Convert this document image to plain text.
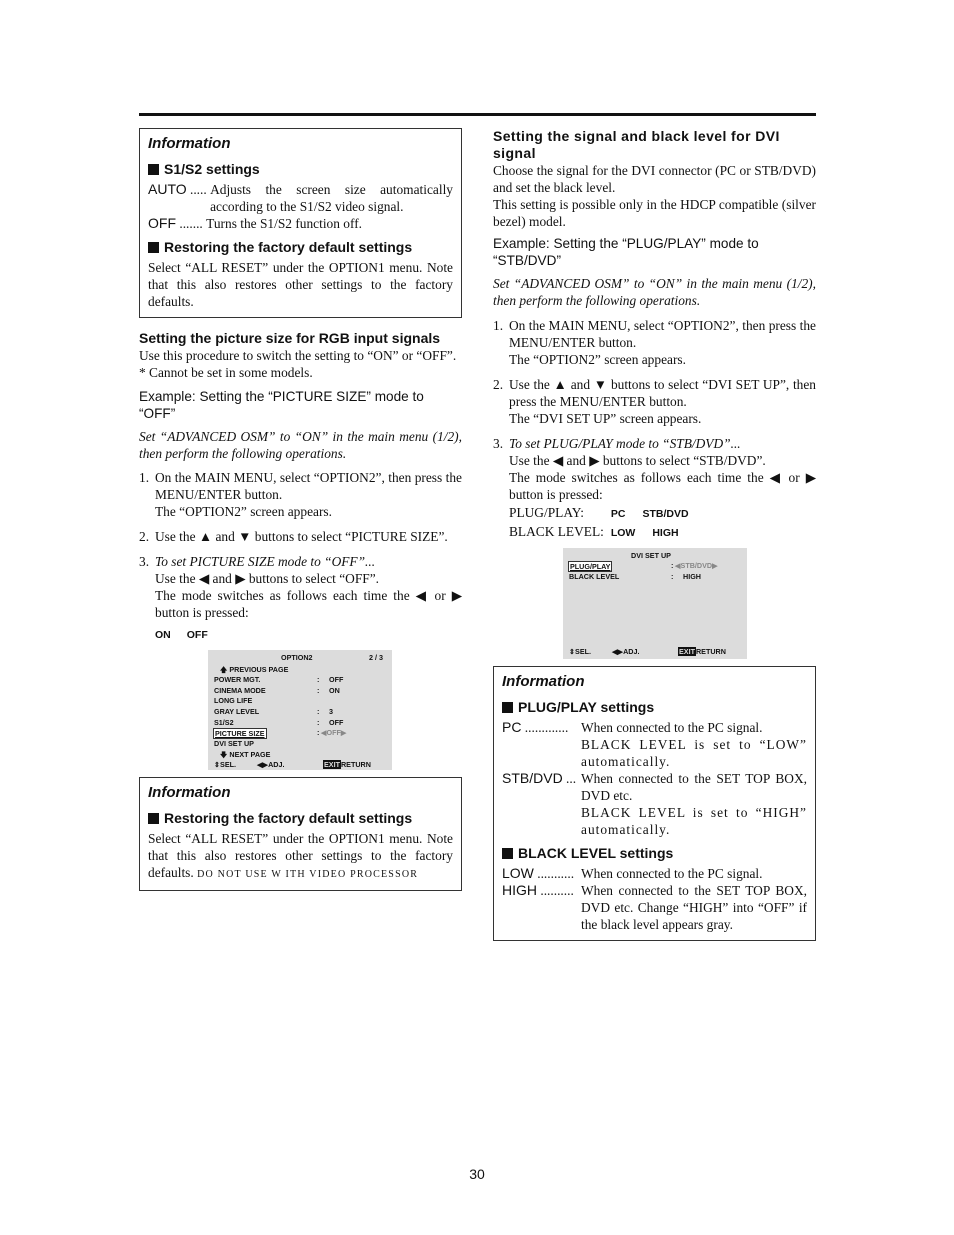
Information
S1/S2 settings
AUTO ..... Adjusts the screen size automatically according to the S1/S2 video signal.
OFF ....... Turns the S1/S2 function off.
Restoring the factory default settings

Select “ALL RESET” under the OPTION1 menu. Note that this also restores other settings to the factory defaults.

Setting the picture size for RGB input signals

Use this procedure to switch the setting to “ON” or “OFF”.

* Cannot be set in some models.

Example: Setting the “PICTURE SIZE” mode to “OFF”

Set “ADVANCED OSM” to “ON” in the main menu (1/2), then perform the following operations.

1. On the MAIN MENU, select “OPTION2”, then press the MENU/ENTER button.
The “OPTION2” screen appears.
2. Use the ▲ and ▼ buttons to select “PICTURE SIZE”.
3. To set PICTURE SIZE mode to “OFF”...
Use the ◀ and ▶ buttons to select “OFF”.
The mode switches as follows each time the ◀ or ▶ button is pressed:
ON OFF
OPTION2	2 / 3
🡅 PREVIOUS PAGE
POWER MGT.	: OFF
CINEMA MODE	: ON
LONG LIFE
GRAY LEVEL	: 3
S1/S2	: OFF
PICTURE SIZE	: ◀OFF▶
DVI SET UP
🡇 NEXT PAGE
⇕SEL.	◀▶ADJ.	EXITRETURN
Information
Restoring the factory default settings

Select “ALL RESET” under the OPTION1 menu. Note that this also restores other settings to the factory defaults. DO NOT USE W ITH VIDEO PROCESSOR

Setting the signal and black level for DVI signal

Choose the signal for the DVI connector (PC or STB/DVD) and set the black level.

This setting is possible only in the HDCP compatible (silver bezel) model.

Example: Setting the “PLUG/PLAY” mode to “STB/DVD”

Set “ADVANCED OSM” to “ON” in the main menu (1/2), then perform the following operations.

1. On the MAIN MENU, select “OPTION2”, then press the MENU/ENTER button.
The “OPTION2” screen appears.
2. Use the ▲ and ▼ buttons to select “DVI SET UP”, then press the MENU/ENTER button.
The “DVI SET UP” screen appears.
3. To set PLUG/PLAY mode to “STB/DVD”...
Use the ◀ and ▶ buttons to select “STB/DVD”.
The mode switches as follows each time the ◀ or ▶ button is pressed:
PLUG/PLAY:	PC STB/DVD
BLACK LEVEL: LOW HIGH
DVI SET UP
PLUG/PLAY	: ◀STB/DVD▶
BLACK LEVEL	: HIGH
⇕SEL.	◀▶ADJ.	EXITRETURN
Information
PLUG/PLAY settings
PC ............. When connected to the PC signal.
BLACK LEVEL is set to “LOW” automatically.
STB/DVD ... When connected to the SET TOP BOX, DVD etc.
BLACK LEVEL is set to “HIGH” automatically.
BLACK LEVEL settings
LOW ........... When connected to the PC signal.
HIGH .......... When connected to the SET TOP BOX, DVD etc. Change “HIGH” into “OFF” if the black level appears gray.
30
